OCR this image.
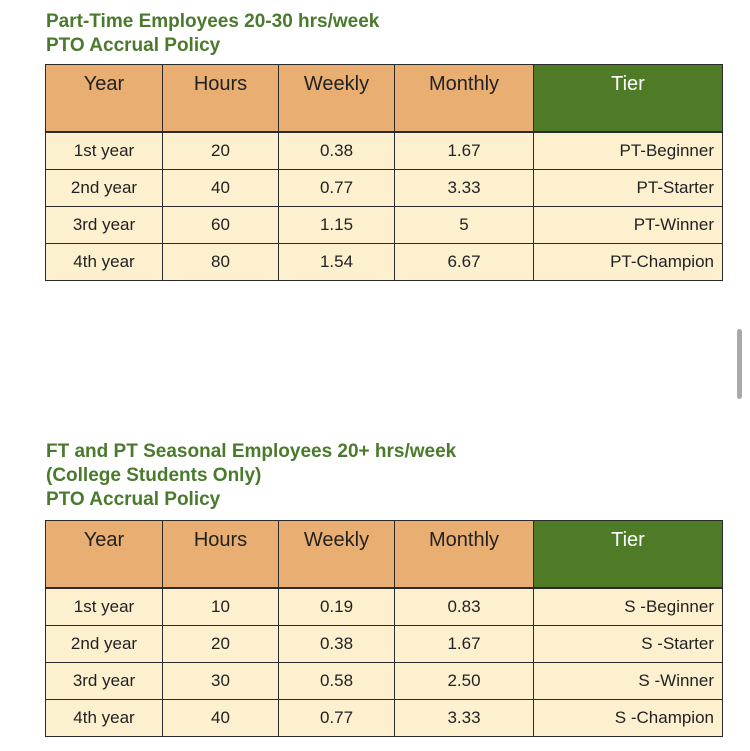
Part-Time Employees 20-30 hrs/week
PTO Accrual Policy
Year	Hours	Weekly	Monthly	Tier
1st year	20	0.38	1.67	PT-Beginner
2nd year	40	0.77	3.33	PT-Starter
3rd year	60	1.15	5	PT-Winner
4th year	80	1.54	6.67	PT-Champion
FT and PT Seasonal Employees 20+ hrs/week
(College Students Only)
PTO Accrual Policy
Year	Hours	Weekly	Monthly	Tier
1st year	10	0.19	0.83	S -Beginner
2nd year	20	0.38	1.67	S -Starter
3rd year	30	0.58	2.50	S -Winner
4th year	40	0.77	3.33	S -Champion
